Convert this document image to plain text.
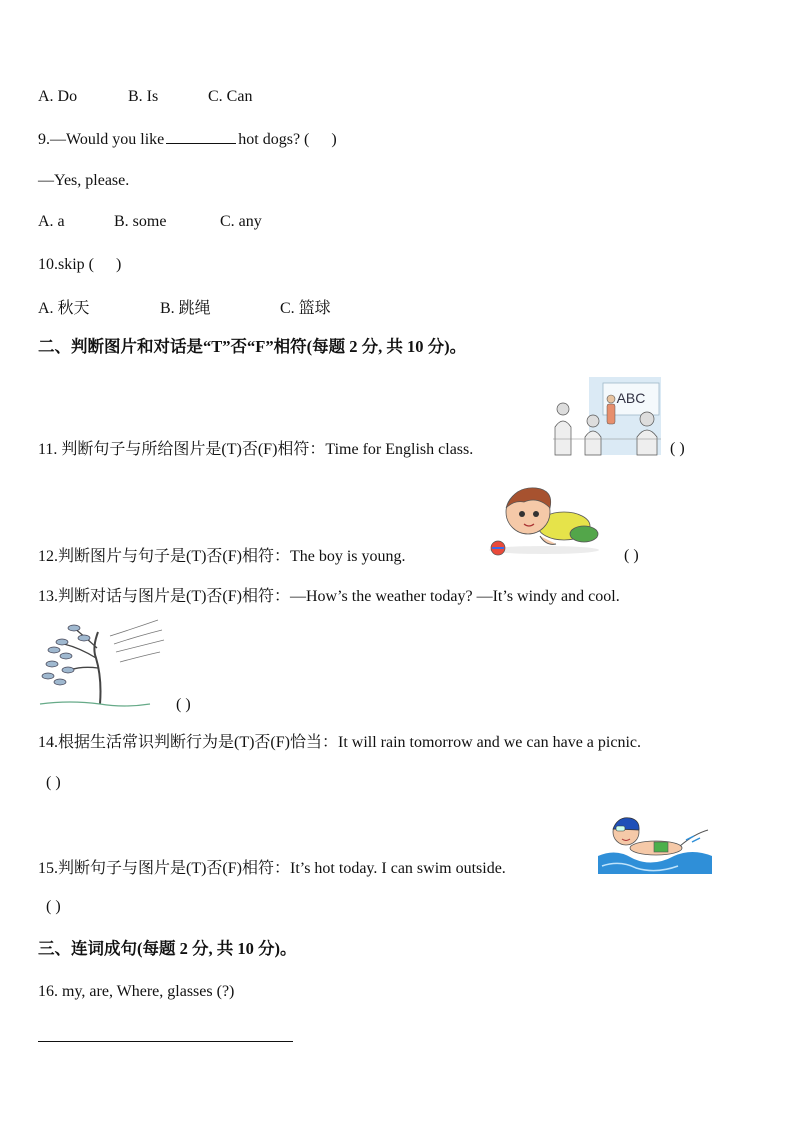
A. Do	B. Is	C. Can
9.—Would you like	hot dogs? ( )
—Yes, please.
A. a	B. some	C. any
10.skip ( )
A. 秋天	B. 跳绳	C. 篮球
二、判断图片和对话是“T”否“F”相符(每题 2 分, 共 10 分)。
11. 判断句子与所给图片是(T)否(F)相符：Time for English class.
ABC
( )
12.判断图片与句子是(T)否(F)相符：The boy is young.	( )
13.判断对话与图片是(T)否(F)相符：—How’s the weather today? —It’s windy and cool.
( )
14.根据生活常识判断行为是(T)否(F)恰当：It will rain tomorrow and we can have a picnic.
( )
15.判断句子与图片是(T)否(F)相符：It’s hot today. I can swim outside.
( )
三、连词成句(每题 2 分, 共 10 分)。
16. my, are, Where, glasses (?)
